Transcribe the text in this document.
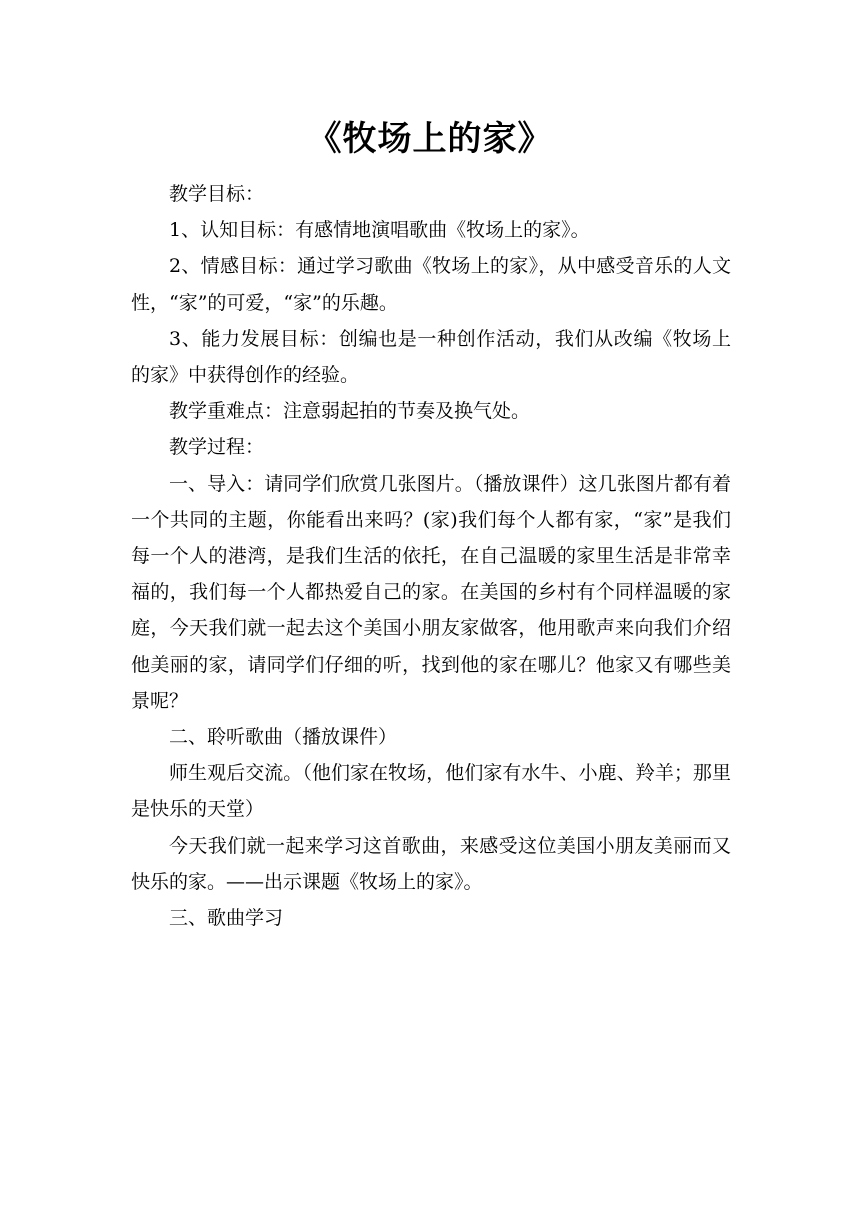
《牧场上的家》

教学目标：

1、认知目标：有感情地演唱歌曲《牧场上的家》。

2、情感目标：通过学习歌曲《牧场上的家》，从中感受音乐的人文性，“家”的可爱，“家”的乐趣。

3、能力发展目标：创编也是一种创作活动，我们从改编《牧场上的家》中获得创作的经验。

教学重难点：注意弱起拍的节奏及换气处。

教学过程：

一、导入：请同学们欣赏几张图片。（播放课件）这几张图片都有着一个共同的主题，你能看出来吗？(家)我们每个人都有家，“家”是我们每一个人的港湾，是我们生活的依托，在自己温暖的家里生活是非常幸福的，我们每一个人都热爱自己的家。在美国的乡村有个同样温暖的家庭，今天我们就一起去这个美国小朋友家做客，他用歌声来向我们介绍他美丽的家，请同学们仔细的听，找到他的家在哪儿？他家又有哪些美景呢？

二、聆听歌曲（播放课件）

师生观后交流。（他们家在牧场，他们家有水牛、小鹿、羚羊；那里是快乐的天堂）

今天我们就一起来学习这首歌曲，来感受这位美国小朋友美丽而又快乐的家。——出示课题《牧场上的家》。

三、歌曲学习
